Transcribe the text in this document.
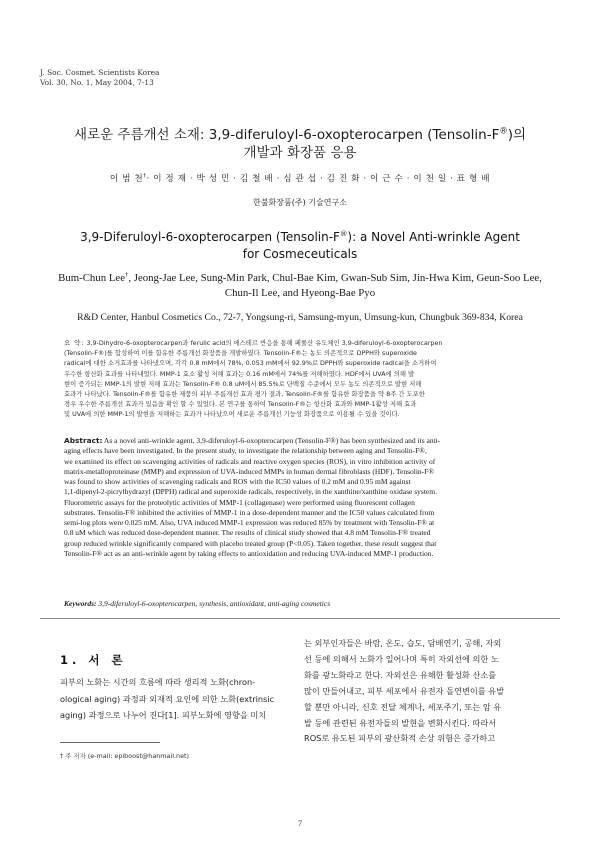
J. Soc. Cosmet. Scientists Korea
Vol. 30, No. 1, May 2004, 7-13
새로운 주름개선 소재: 3,9-diferuloyl-6-oxopterocarpen (Tensolin-F®)의
개발과 화장품 응용
이 범 천†· 이 정 재 · 박 성 민 · 김 철 배 · 심 관 섭 · 김 진 화 · 이 근 수 · 이 천 일 · 표 형 배
한불화장품(주) 기술연구소
3,9-Diferuloyl-6-oxopterocarpen (Tensolin-F®): a Novel Anti-wrinkle Agent
for Cosmeceuticals
Bum-Chun Lee†, Jeong-Jae Lee, Sung-Min Park, Chul-Bae Kim, Gwan-Sub Sim, Jin-Hwa Kim, Geun-Soo Lee,
Chun-Il Lee, and Hyeong-Bae Pyo
R&D Center, Hanbul Cosmetics Co., 72-7, Yongsung-ri, Samsung-myun, Umsung-kun, Chungbuk 369-834, Korea
요 약: 3,9-Dihydro-6-oxopterocarpen과 ferulic acid의 에스테르 반응을 통해 페룰산 유도체인 3,9-diferuloyl-6-oxopterocarpen
(Tensolin-F®)를 합성하여 이를 함유한 주름개선 화장품을 개발하였다. Tensolin-F®는 농도 의존적으로 DPPH와 superoxide
radical에 대한 소거효과를 나타냈으며, 각각 0.8 mM에서 78%, 0.053 mM에서 92.9%로 DPPH와 superoxide radical을 소거하여
우수한 항산화 효과를 나타내었다. MMP-1 효소 활성 저해 효과는 0.16 mM에서 74%를 저해하였다. HDF에서 UVA에 의해 발
현이 증가되는 MMP-1의 발현 저해 효과는 Tensolin-F® 0.8 uM에서 85.5%로 단백질 수준에서 모두 농도 의존적으로 발현 저해
효과가 나타났다. Tensolin-F®를 함유한 제품의 피부 주름개선 효과 평가 결과, Tensolin-F®를 함유한 화장품을 약 8주 간 도포한
경우 우수한 주름개선 효과가 있음을 확인 할 수 있었다. 본 연구를 통하여 Tensolin-F®는 항산화 효과와 MMP-1활성 저해 효과
및 UVA에 의한 MMP-1의 발현을 저해하는 효과가 나타났으며 새로운 주름개선 기능성 화장품으로 이용될 수 있을 것이다.
Abstract: As a novel anti-wrinkle agent, 3,9-diferuloyl-6-oxopterocarpen (Tensolin-F®) has been synthesized and its anti-
aging effects have been investigated. In the present study, to investigate the relationship between aging and Tensolin-F®,
we examined its effect on scavenging activities of radicals and reactive oxygen species (ROS), in vitro inhibition activity of
matrix-metalloproteinase (MMP) and expression of UVA-induced MMPs in human dermal fibroblasts (HDF). Tensolin-F®
was found to show activities of scavenging radicals and ROS with the IC50 values of 0.2 mM and 0.95 mM against
1,1-dipenyl-2-picrylhydrazyl (DPPH) radical and superoxide radicals, respectively, in the xanthine/xanthine oxidase system.
Fluorometric assays for the proteolytic activities of MMP-1 (collagenase) were performed using fluorescent collagen
substrates. Tensolin-F® inhibited the activities of MMP-1 in a dose-dependent manner and the IC50 values calculated from
semi-log plots were 0.025 mM. Also, UVA induced MMP-1 expression was reduced 85% by treatment with Tensolin-F® at
0.8 uM which was reduced dose-dependent manner. The results of clinical study showed that 4.8 mM Tensolin-F® treated
group reduced wrinkle significantly compared with placebo treated group (P<0.05). Taken together, these result suggest that
Tensolin-F® act as an anti-wrinkle agent by taking effects to antioxidation and reducing UVA-induced MMP-1 production.
Keywords: 3,9-diferuloyl-6-oxopterocarpen, synthesis, antioxidant, anti-aging cosmetics
1. 서 론
피부의 노화는 시간의 흐름에 따라 생리적 노화(chron-
ological aging) 과정과 외재적 요인에 의한 노화(extrinsic
aging) 과정으로 나누어 진다[1]. 피부노화에 영향을 미치
는 외부인자들은 바람, 온도, 습도, 담배연기, 공해, 자외
선 등에 의해서 노화가 일어나며 특히 자외선에 의한 노
화를 광노화라고 한다. 자외선은 유해한 활성화 산소를
많이 만들어내고, 피부 세포에서 유전자 돌연변이를 유발
할 뿐만 아니라, 신호 전달 체계나, 세포주기, 또는 암 유
발 등에 관련된 유전자들의 발현을 변화시킨다. 따라서
ROS로 유도된 피부의 광산화적 손상 위험은 증가하고
† 주 저자 (e-mail: epiboost@hanmail.net)
7
